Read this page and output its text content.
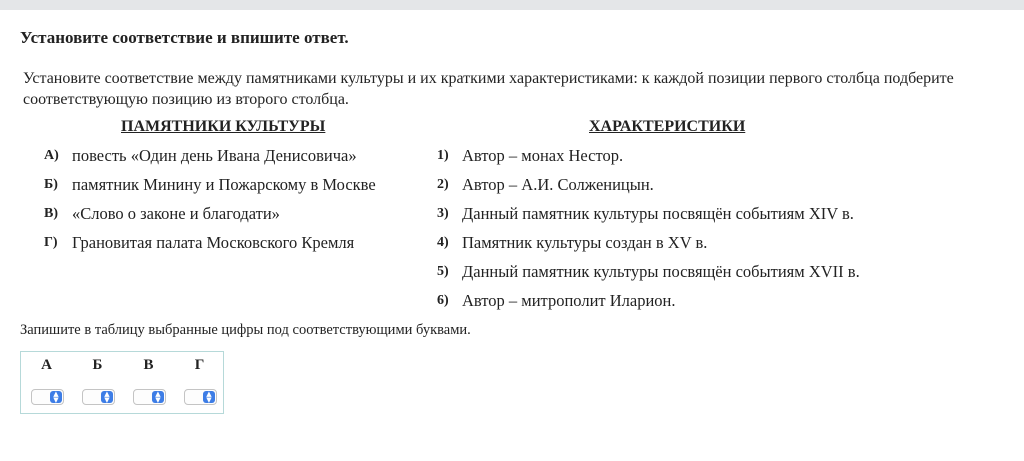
Установите соответствие и впишите ответ.
Установите соответствие между памятниками культуры и их краткими характеристиками: к каждой позиции первого столбца подберите соответствующую позицию из второго столбца.
ПАМЯТНИКИ КУЛЬТУРЫ	ХАРАКТЕРИСТИКИ
А) повесть «Один день Ивана Денисовича»
Б) памятник Минину и Пожарскому в Москве
В) «Слово о законе и благодати»
Г) Грановитая палата Московского Кремля
1) Автор – монах Нестор.
2) Автор – А.И. Солженицын.
3) Данный памятник культуры посвящён событиям XIV в.
4) Памятник культуры создан в XV в.
5) Данный памятник культуры посвящён событиям XVII в.
6) Автор – митрополит Иларион.
Запишите в таблицу выбранные цифры под соответствующими буквами.
А
▲
▼
Б
▲
▼
В
▲
▼
Г
▲
▼
